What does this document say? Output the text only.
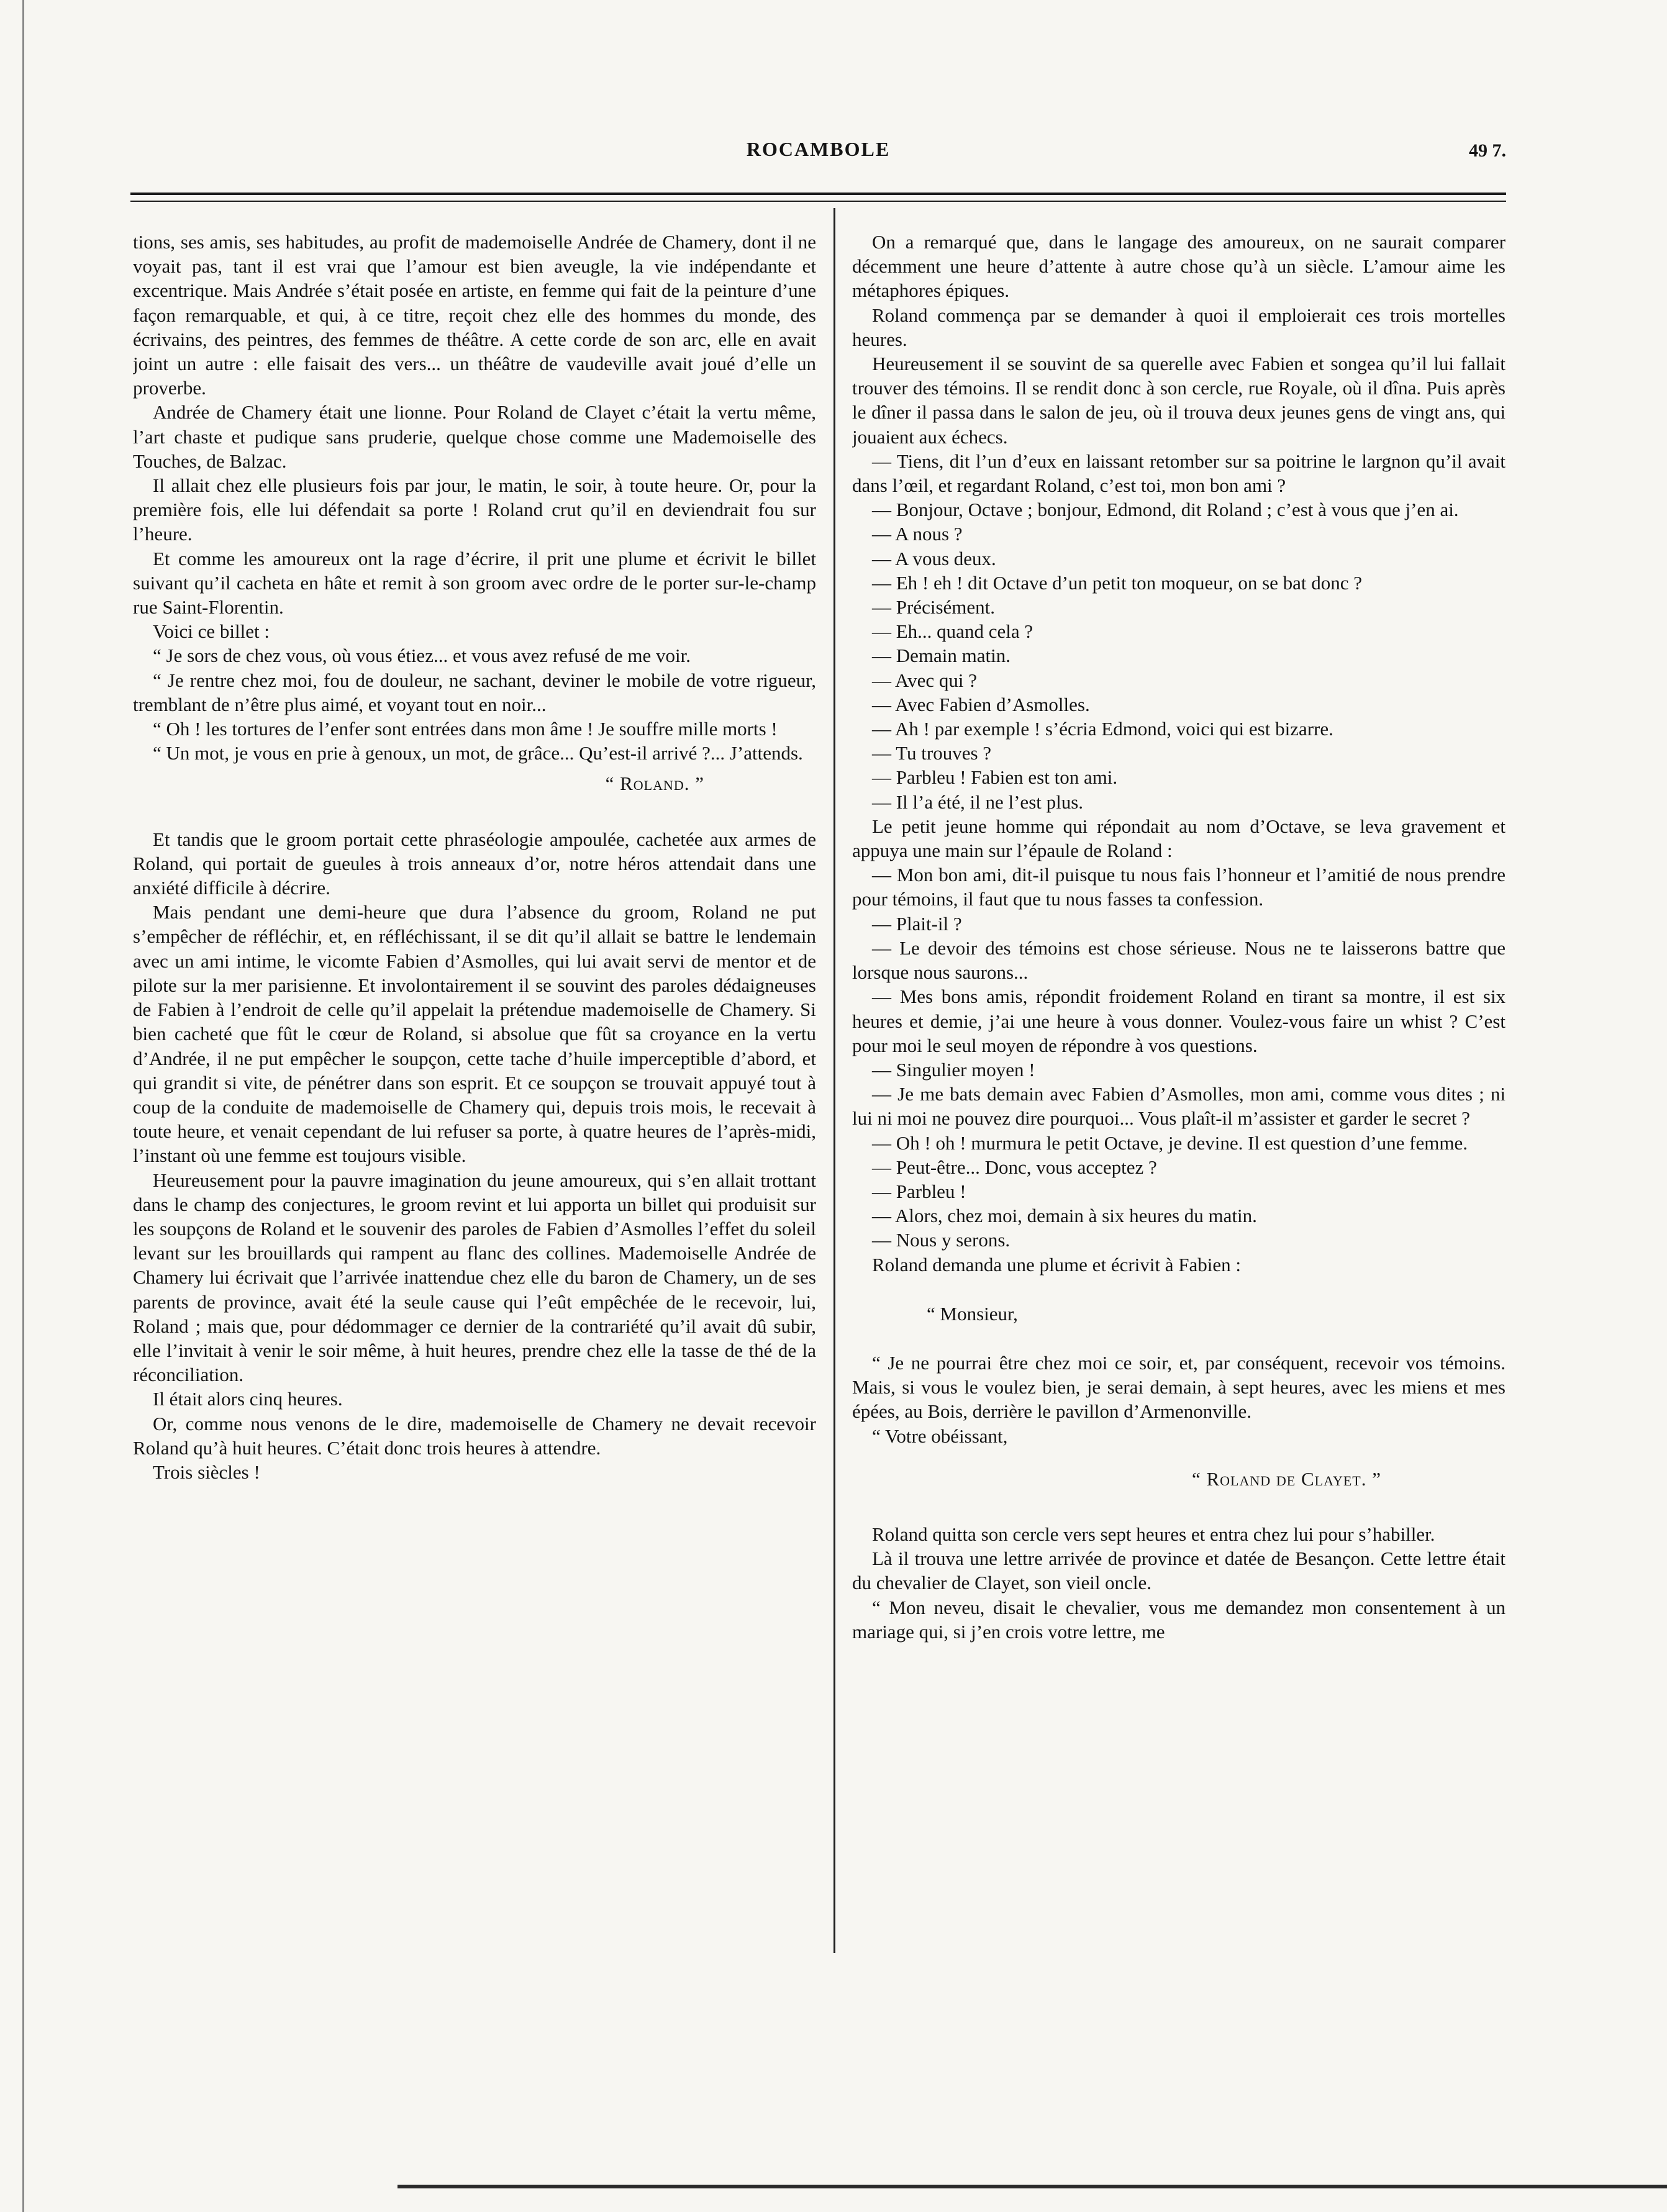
ROCAMBOLE	49 7.

tions, ses amis, ses habitudes, au profit de mademoiselle Andrée de Chamery, dont il ne voyait pas, tant il est vrai que l’amour est bien aveugle, la vie indépendante et excentrique. Mais Andrée s’était posée en artiste, en femme qui fait de la peinture d’une façon remarquable, et qui, à ce titre, reçoit chez elle des hommes du monde, des écrivains, des peintres, des femmes de théâtre. A cette corde de son arc, elle en avait joint un autre : elle faisait des vers... un théâtre de vaudeville avait joué d’elle un proverbe.

Andrée de Chamery était une lionne. Pour Roland de Clayet c’était la vertu même, l’art chaste et pudique sans pruderie, quelque chose comme une Mademoiselle des Touches, de Balzac.

Il allait chez elle plusieurs fois par jour, le matin, le soir, à toute heure. Or, pour la première fois, elle lui défendait sa porte ! Roland crut qu’il en deviendrait fou sur l’heure.

Et comme les amoureux ont la rage d’écrire, il prit une plume et écrivit le billet suivant qu’il cacheta en hâte et remit à son groom avec ordre de le porter sur-le-champ rue Saint-Florentin.

Voici ce billet :

“ Je sors de chez vous, où vous étiez... et vous avez refusé de me voir.

“ Je rentre chez moi, fou de douleur, ne sachant, deviner le mobile de votre rigueur, tremblant de n’être plus aimé, et voyant tout en noir...

“ Oh ! les tortures de l’enfer sont entrées dans mon âme ! Je souffre mille morts !

“ Un mot, je vous en prie à genoux, un mot, de grâce... Qu’est-il arrivé ?... J’attends.

“ Roland. ”

Et tandis que le groom portait cette phraséologie ampoulée, cachetée aux armes de Roland, qui portait de gueules à trois anneaux d’or, notre héros attendait dans une anxiété difficile à décrire.

Mais pendant une demi-heure que dura l’absence du groom, Roland ne put s’empêcher de réfléchir, et, en réfléchissant, il se dit qu’il allait se battre le lendemain avec un ami intime, le vicomte Fabien d’Asmolles, qui lui avait servi de mentor et de pilote sur la mer parisienne. Et involontairement il se souvint des paroles dédaigneuses de Fabien à l’endroit de celle qu’il appelait la prétendue mademoiselle de Chamery. Si bien cacheté que fût le cœur de Roland, si absolue que fût sa croyance en la vertu d’Andrée, il ne put empêcher le soupçon, cette tache d’huile imperceptible d’abord, et qui grandit si vite, de pénétrer dans son esprit. Et ce soupçon se trouvait appuyé tout à coup de la conduite de mademoiselle de Chamery qui, depuis trois mois, le recevait à toute heure, et venait cependant de lui refuser sa porte, à quatre heures de l’après-midi, l’instant où une femme est toujours visible.

Heureusement pour la pauvre imagination du jeune amoureux, qui s’en allait trottant dans le champ des conjectures, le groom revint et lui apporta un billet qui produisit sur les soupçons de Roland et le souvenir des paroles de Fabien d’Asmolles l’effet du soleil levant sur les brouillards qui rampent au flanc des collines. Mademoiselle Andrée de Chamery lui écrivait que l’arrivée inattendue chez elle du baron de Chamery, un de ses parents de province, avait été la seule cause qui l’eût empêchée de le recevoir, lui, Roland ; mais que, pour dédommager ce dernier de la contrariété qu’il avait dû subir, elle l’invitait à venir le soir même, à huit heures, prendre chez elle la tasse de thé de la réconciliation.

Il était alors cinq heures.

Or, comme nous venons de le dire, mademoiselle de Chamery ne devait recevoir Roland qu’à huit heures. C’était donc trois heures à attendre.

Trois siècles !

On a remarqué que, dans le langage des amoureux, on ne saurait comparer décemment une heure d’attente à autre chose qu’à un siècle. L’amour aime les métaphores épiques.

Roland commença par se demander à quoi il emploierait ces trois mortelles heures.

Heureusement il se souvint de sa querelle avec Fabien et songea qu’il lui fallait trouver des témoins. Il se rendit donc à son cercle, rue Royale, où il dîna. Puis après le dîner il passa dans le salon de jeu, où il trouva deux jeunes gens de vingt ans, qui jouaient aux échecs.

— Tiens, dit l’un d’eux en laissant retomber sur sa poitrine le largnon qu’il avait dans l’œil, et regardant Roland, c’est toi, mon bon ami ?

— Bonjour, Octave ; bonjour, Edmond, dit Roland ; c’est à vous que j’en ai.

— A nous ?

— A vous deux.

— Eh ! eh ! dit Octave d’un petit ton moqueur, on se bat donc ?

— Précisément.

— Eh... quand cela ?

— Demain matin.

— Avec qui ?

— Avec Fabien d’Asmolles.

— Ah ! par exemple ! s’écria Edmond, voici qui est bizarre.

— Tu trouves ?

— Parbleu ! Fabien est ton ami.

— Il l’a été, il ne l’est plus.

Le petit jeune homme qui répondait au nom d’Octave, se leva gravement et appuya une main sur l’épaule de Roland :

— Mon bon ami, dit-il puisque tu nous fais l’honneur et l’amitié de nous prendre pour témoins, il faut que tu nous fasses ta confession.

— Plait-il ?

— Le devoir des témoins est chose sérieuse. Nous ne te laisserons battre que lorsque nous saurons...

— Mes bons amis, répondit froidement Roland en tirant sa montre, il est six heures et demie, j’ai une heure à vous donner. Voulez-vous faire un whist ? C’est pour moi le seul moyen de répondre à vos questions.

— Singulier moyen !

— Je me bats demain avec Fabien d’Asmolles, mon ami, comme vous dites ; ni lui ni moi ne pouvez dire pourquoi... Vous plaît-il m’assister et garder le secret ?

— Oh ! oh ! murmura le petit Octave, je devine. Il est question d’une femme.

— Peut-être... Donc, vous acceptez ?

— Parbleu !

— Alors, chez moi, demain à six heures du matin.

— Nous y serons.

Roland demanda une plume et écrivit à Fabien :

“ Monsieur,

“ Je ne pourrai être chez moi ce soir, et, par conséquent, recevoir vos témoins. Mais, si vous le voulez bien, je serai demain, à sept heures, avec les miens et mes épées, au Bois, derrière le pavillon d’Armenonville.

“ Votre obéissant,

“ Roland de Clayet. ”

Roland quitta son cercle vers sept heures et entra chez lui pour s’habiller.

Là il trouva une lettre arrivée de province et datée de Besançon. Cette lettre était du chevalier de Clayet, son vieil oncle.

“ Mon neveu, disait le chevalier, vous me demandez mon consentement à un mariage qui, si j’en crois votre lettre, me
